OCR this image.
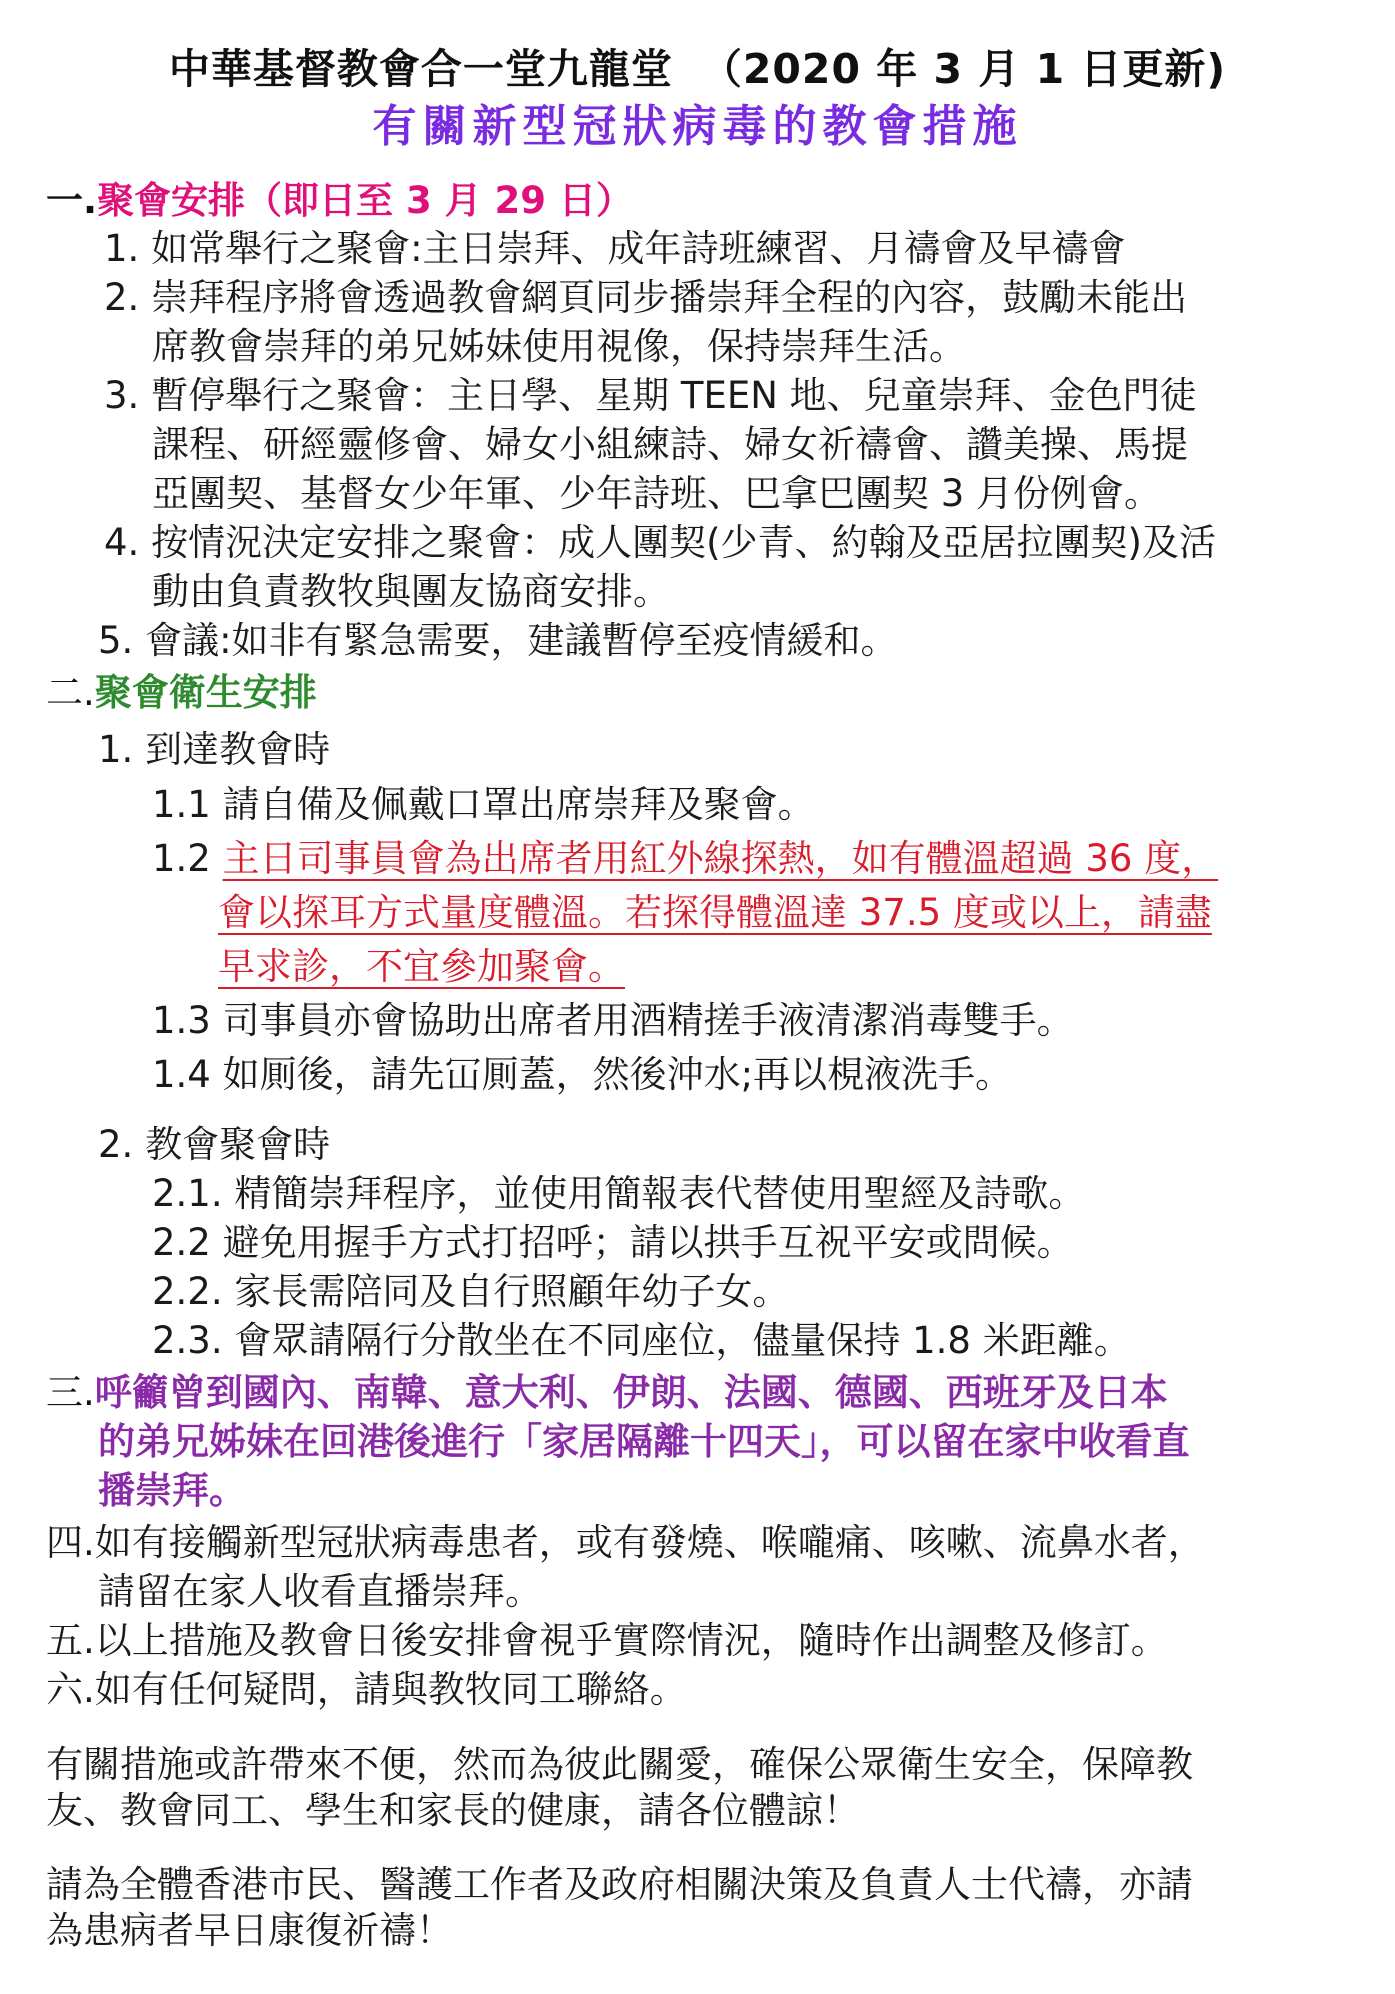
中華基督教會合一堂九龍堂 （2020 年 3 月 1 日更新)
有關新型冠狀病毒的教會措施
一.聚會安排（即日至 3 月 29 日）
1. 如常舉行之聚會:主日崇拜、成年詩班練習、月禱會及早禱會
2. 崇拜程序將會透過教會網頁同步播崇拜全程的內容，鼓勵未能出
席教會崇拜的弟兄姊妹使用視像，保持崇拜生活。
3. 暫停舉行之聚會：主日學、星期 TEEN 地、兒童崇拜、金色門徒
課程、研經靈修會、婦女小組練詩、婦女祈禱會、讚美操、馬提
亞團契、基督女少年軍、少年詩班、巴拿巴團契 3 月份例會。
4. 按情況決定安排之聚會：成人團契(少青、約翰及亞居拉團契)及活
動由負責教牧與團友協商安排。
5. 會議:如非有緊急需要，建議暫停至疫情緩和。
二.聚會衛生安排
1. 到達教會時
1.1 請自備及佩戴口罩出席崇拜及聚會。
1.2 主日司事員會為出席者用紅外線探熱，如有體溫超過 36 度，
會以探耳方式量度體溫。若探得體溫達 37.5 度或以上，請盡
早求診，不宜參加聚會。
1.3 司事員亦會協助出席者用酒精搓手液清潔消毒雙手。
1.4 如厠後，請先冚厠蓋，然後沖水;再以梘液洗手。
2. 教會聚會時
2.1. 精簡崇拜程序，並使用簡報表代替使用聖經及詩歌。
2.2 避免用握手方式打招呼；請以拱手互祝平安或問候。
2.2. 家長需陪同及自行照顧年幼子女。
2.3. 會眾請隔行分散坐在不同座位，儘量保持 1.8 米距離。
三.呼籲曾到國內、南韓、意大利、伊朗、法國、德國、西班牙及日本
的弟兄姊妹在回港後進行「家居隔離十四天」，可以留在家中收看直
播崇拜。
四.如有接觸新型冠狀病毒患者，或有發燒、喉嚨痛、咳嗽、流鼻水者，
請留在家人收看直播崇拜。
五.以上措施及教會日後安排會視乎實際情況，隨時作出調整及修訂。
六.如有任何疑問，請與教牧同工聯絡。
有關措施或許帶來不便，然而為彼此關愛，確保公眾衛生安全，保障教
友、教會同工、學生和家長的健康，請各位體諒！
請為全體香港市民、醫護工作者及政府相關決策及負責人士代禱，亦請
為患病者早日康復祈禱！
